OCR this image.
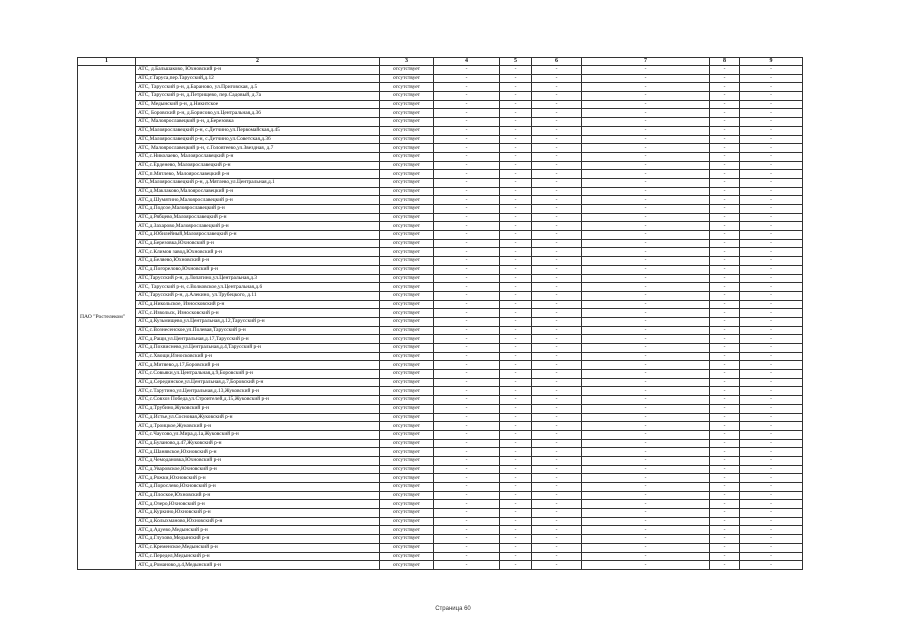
1	2	3	4	5	6	7	8	9
ПАО "Ростелеком"	АТС, д.Бальшаково, Юхновский р-н	отсутствует	-	-	-	-	-	-
	АТС,г.Таруса,пер.Тарусский,д.12	отсутствует	-	-	-	-	-	-
	АТС, Тарусский р-н, д.Бараново, ул.Приговская, д.5	отсутствует	-	-	-	-	-	-
	АТС, Тарусский р-н, д.Петрищево, пер.Садовый, д.7а	отсутствует	-	-	-	-	-	-
	АТС, Медынский р-н, д.Никитское	отсутствует	-	-	-	-	-	-
	АТС, Боровский р-н, д.Борисово,ул.Центральная,д.36	отсутствует	-	-	-	-	-	-
	АТС, Малоярославецкий р-н, д.Березовка	отсутствует	-	-	-	-	-	-
	АТС,Малоярославецкий р-н, с.Детчино,ул.Первомайская,д.45	отсутствует	-	-	-	-	-	-
	АТС,Малоярославецкий р-н, с.Детчино,ул.Советская,д.36	отсутствует	-	-	-	-	-	-
	АТС, Малоярославецкий р-н, с.Головтеево,ул.Звездная, д.7	отсутствует	-	-	-	-	-	-
	АТС,с.Николаево, Малоярославецкий р-н	отсутствует	-	-	-	-	-	-
	АТС,с.Ерденево, Малоярославецкий р-н	отсутствует	-	-	-	-	-	-
	АТС,п.Мятлево, Малоярославецкий р-н	отсутствует	-	-	-	-	-	-
	АТС,Малоярославецкий р-н, д.Мятлево,ул.Центральная,д.1	отсутствует	-	-	-	-	-	-
	АТС,д.Маклаково,Малоярославецкий р-н	отсутствует	-	-	-	-	-	-
	АТС,д.Шумятино,Малоярославецкий р-н	отсутствует	-	-	-	-	-	-
	АТС,д.Подсое,Малоярославецкий р-н	отсутствует	-	-	-	-	-	-
	АТС,д.Рябцево,Малоярославецкий р-н	отсутствует	-	-	-	-	-	-
	АТС,д.Захарово,Малоярославецкий р-н	отсутствует	-	-	-	-	-	-
	АТС,д.Юбилейный,Малоярославецкий р-н	отсутствует	-	-	-	-	-	-
	АТС,д.Березовка,Юхновский р-н	отсутствует	-	-	-	-	-	-
	АТС,с.Климов завод,Юхновский р-н	отсутствует	-	-	-	-	-	-
	АТС,д.Беляево,Юхновский р-н	отсутствует	-	-	-	-	-	-
	АТС,д.Погорелово,Юхновский р-н	отсутствует	-	-	-	-	-	-
	АТС,Тарусский р-н, д.Лопатино,ул.Центральная,д.3	отсутствует	-	-	-	-	-	-
	АТС, Тарусский р-н, с.Волковское,ул.Центральная,д.6	отсутствует	-	-	-	-	-	-
	АТС,Тарусский р-н, д.Алекино, ул.Трубецкого, д.11	отсутствует	-	-	-	-	-	-
	АТС,д.Никольское, Износковский р-н	отсутствует	-	-	-	-	-	-
	АТС,с.Извольск, Износковский р-н	отсутствует	-	-	-	-	-	-
	АТС,д.Кузьмищево,ул.Центральная,д.12,Тарусский р-н	отсутствует	-	-	-	-	-	-
	АТС,с.Вознесенское,ул.Полевая,Тарусский р-н	отсутствует	-	-	-	-	-	-
	АТС,д.Ращи,ул.Центральная,д.17,Тарусский р-н	отсутствует	-	-	-	-	-	-
	АТС,д.Похвиснево,ул.Центральная,д.4,Тарусский р-н	отсутствует	-	-	-	-	-	-
	АТС,с.Хвощи,Износковский р-н	отсутствует	-	-	-	-	-	-
	АТС,д.Митяево,д.17,Боровский р-н	отсутствует	-	-	-	-	-	-
	АТС,с.Совьяки,ул.Центральная,д.9,Боровский р-н	отсутствует	-	-	-	-	-	-
	АТС,д.Серединское,ул.Центральная,д.7,Боровский р-н	отсутствует	-	-	-	-	-	-
	АТС,с.Тарутино,ул.Центральная,д.13,Жуковский р-н	отсутствует	-	-	-	-	-	-
	АТС,с.Совхоз Победа,ул.Строителей,д.15,Жуковский р-н	отсутствует	-	-	-	-	-	-
	АТС,д.Трубино,Жуковский р-н	отсутствует	-	-	-	-	-	-
	АТС,д.Истье,ул.Сосновая,Жуковский р-н	отсутствует	-	-	-	-	-	-
	АТС,д.Троицкое,Жуковский р-н	отсутствует	-	-	-	-	-	-
	АТС,с.Чаусово,ул.Мира,д.1а,Жуковский р-н	отсутствует	-	-	-	-	-	-
	АТС,д.Буланово,д.47,Жуковский р-н	отсутствует	-	-	-	-	-	-
	АТС,д.Шанявское,Юхновский р-н	отсутствует	-	-	-	-	-	-
	АТС,д.Чемодановка,Юхновский р-н	отсутствует	-	-	-	-	-	-
	АТС,д.Уваровское,Юхновский р-н	отсутствует	-	-	-	-	-	-
	АТС,д.Рожки,Юхновский р-н	отсутствует	-	-	-	-	-	-
	АТС,д.Порослево,Юхновский р-н	отсутствует	-	-	-	-	-	-
	АТС,д.Плоское,Юхновский р-н	отсутствует	-	-	-	-	-	-
	АТС,д.Озеро,Юхновский р-н	отсутствует	-	-	-	-	-	-
	АТС,д.Куркино,Юхновский р-н	отсутствует	-	-	-	-	-	-
	АТС,д.Колыхманово,Юхновский р-н	отсутствует	-	-	-	-	-	-
	АТС,д.Адуево,Медынский р-н	отсутствует	-	-	-	-	-	-
	АТС,д.Глухово,Медынский р-н	отсутствует	-	-	-	-	-	-
	АТС,с.Кременское,Медынский р-н	отсутствует	-	-	-	-	-	-
	АТС,с.Передел,Медынский р-н	отсутствует	-	-	-	-	-	-
	АТС,д.Романово,д.4,Медынский р-н	отсутствует	-	-	-	-	-	-
Страница 60
